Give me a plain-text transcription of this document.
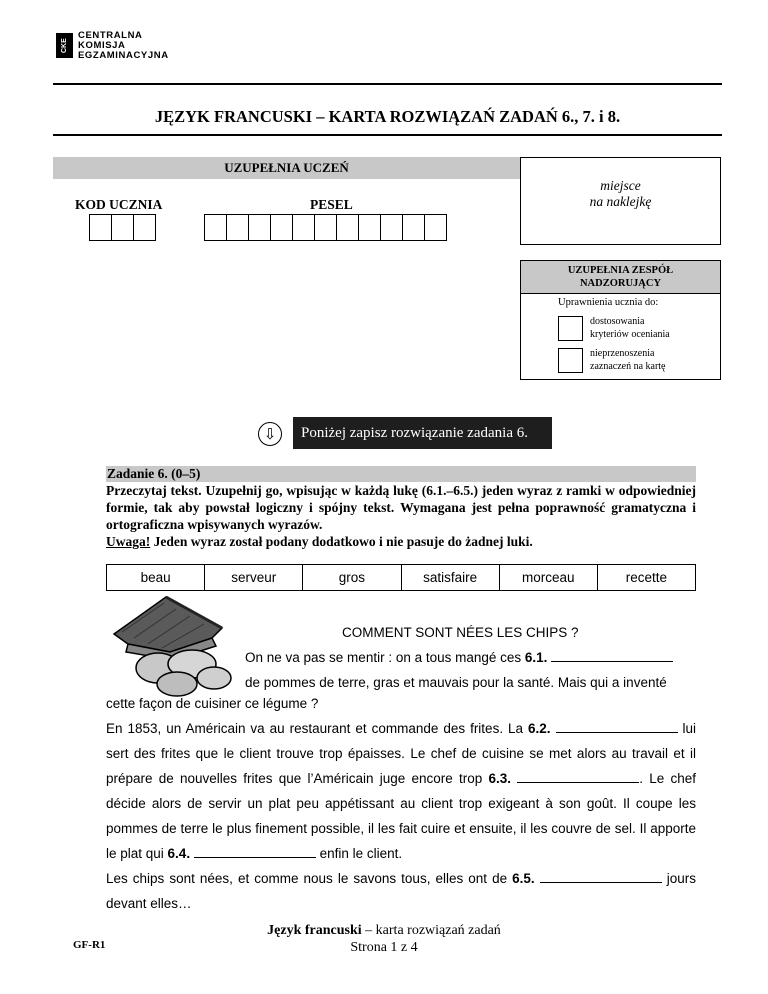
CKE
CENTRALNA
KOMISJA
EGZAMINACYJNA
JĘZYK FRANCUSKI – KARTA ROZWIĄZAŃ ZADAŃ 6., 7. i 8.
UZUPEŁNIA UCZEŃ
miejsce
na naklejkę
KOD UCZNIA	PESEL
UZUPEŁNIA ZESPÓŁ
NADZORUJĄCY
Uprawnienia ucznia do:
dostosowania
kryteriów oceniania
nieprzenoszenia
zaznaczeń na kartę
⇩	Poniżej zapisz rozwiązanie zadania 6.
Zadanie 6. (0–5)
Przeczytaj tekst. Uzupełnij go, wpisując w każdą lukę (6.1.–6.5.) jeden wyraz z ramki w odpowiedniej formie, tak aby powstał logiczny i spójny tekst. Wymagana jest pełna poprawność gramatyczna i ortograficzna wpisywanych wyrazów.
Uwaga! Jeden wyraz został podany dodatkowo i nie pasuje do żadnej luki.
beau	serveur	gros	satisfaire	morceau	recette
COMMENT SONT NÉES LES CHIPS ?
On ne va pas se mentir : on a tous mangé ces 6.1.
de pommes de terre, gras et mauvais pour la santé. Mais qui a inventé
cette façon de cuisiner ce légume ?
En 1853, un Américain va au restaurant et commande des frites. La 6.2.	lui sert des frites que le client trouve trop épaisses. Le chef de cuisine se met alors au travail et il prépare de nouvelles frites que l’Américain juge encore trop 6.3.	. Le chef décide alors de servir un plat peu appétissant au client trop exigeant à son goût. Il coupe les pommes de terre le plus finement possible, il les fait cuire et ensuite, il les couvre de sel. Il apporte le plat qui 6.4.	enfin le client.
Les chips sont nées, et comme nous le savons tous, elles ont de 6.5.	jours devant elles…
Język francuski – karta rozwiązań zadań
Strona 1 z 4
GF-R1
